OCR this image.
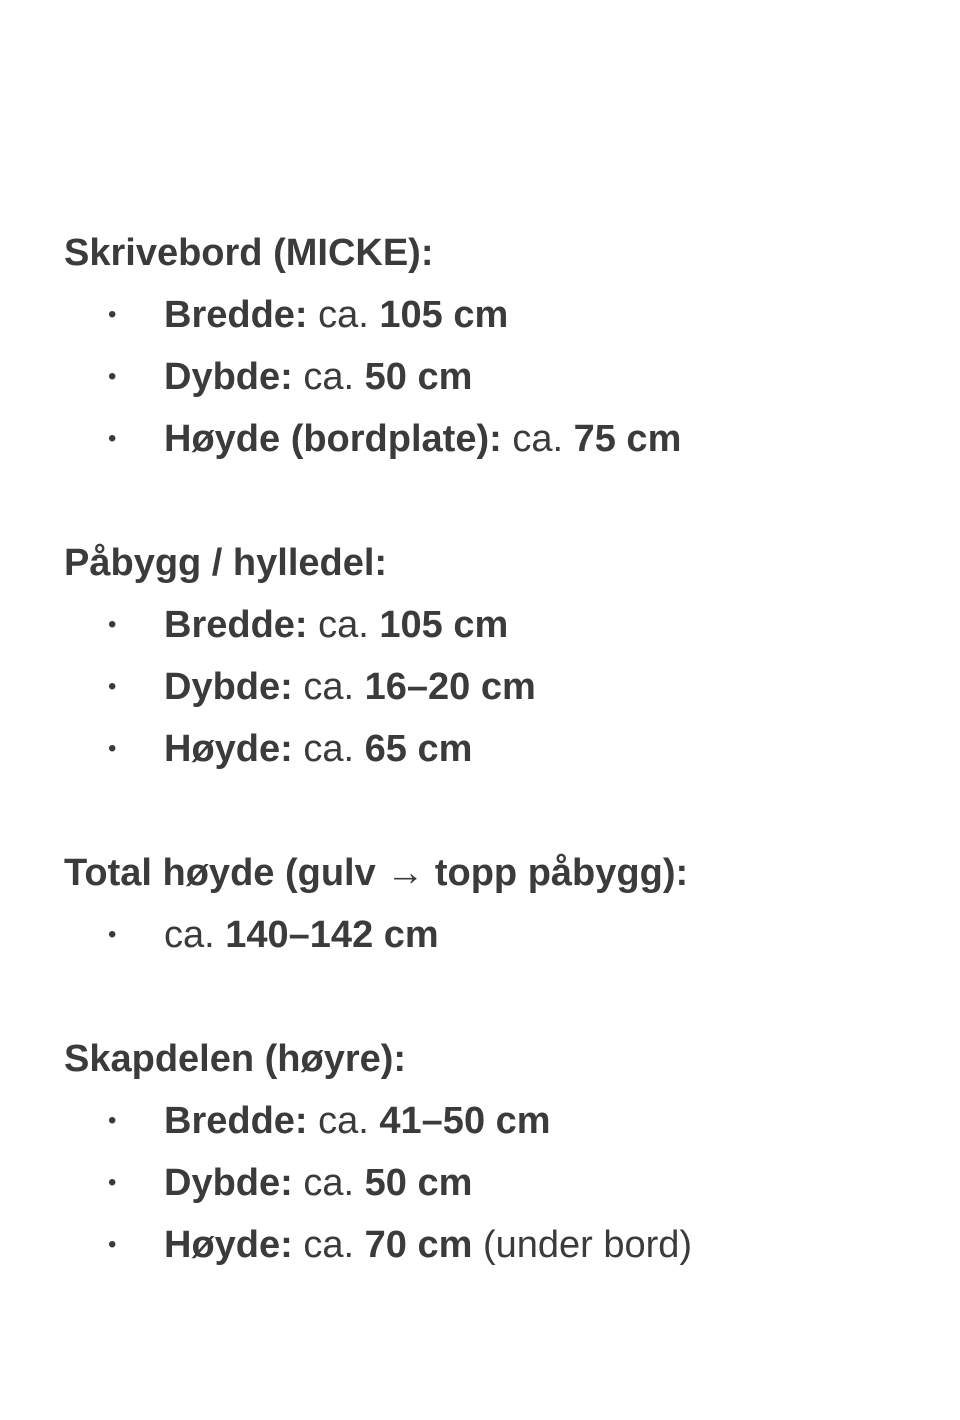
Skrivebord (MICKE):
• Bredde: ca. 105 cm
• Dybde: ca. 50 cm
• Høyde (bordplate): ca. 75 cm
Påbygg / hylledel:
• Bredde: ca. 105 cm
• Dybde: ca. 16–20 cm
• Høyde: ca. 65 cm
Total høyde (gulv → topp påbygg):
• ca. 140–142 cm
Skapdelen (høyre):
• Bredde: ca. 41–50 cm
• Dybde: ca. 50 cm
• Høyde: ca. 70 cm (under bord)
